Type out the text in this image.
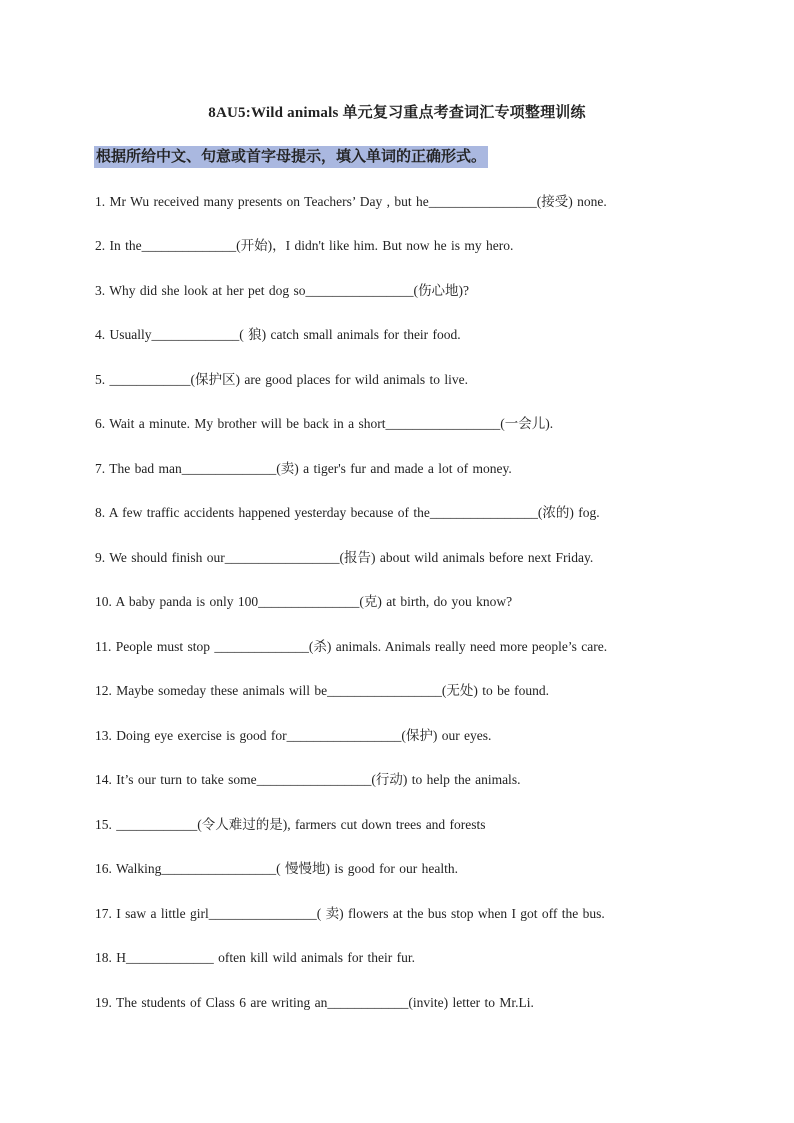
8AU5:Wild animals 单元复习重点考查词汇专项整理训练
根据所给中文、句意或首字母提示，填入单词的正确形式。
1. Mr Wu received many presents on Teachers’ Day , but he________________(接受) none.
2. In the______________(开始)，I didn't like him. But now he is my hero.
3. Why did she look at her pet dog so________________(伤心地)?
4. Usually_____________( 狼) catch small animals for their food.
5. ____________(保护区) are good places for wild animals to live.
6. Wait a minute. My brother will be back in a short_________________(一会儿).
7. The bad man______________(卖) a tiger's fur and made a lot of money.
8. A few traffic accidents happened yesterday because of the________________(浓的) fog.
9. We should finish our_________________(报告) about wild animals before next Friday.
10. A baby panda is only 100_______________(克) at birth, do you know?
11. People must stop ______________(杀) animals. Animals really need more people’s care.
12. Maybe someday these animals will be_________________(无处) to be found.
13. Doing eye exercise is good for_________________(保护) our eyes.
14. It’s our turn to take some_________________(行动) to help the animals.
15. ____________(令人难过的是), farmers cut down trees and forests
16. Walking_________________( 慢慢地) is good for our health.
17. I saw a little girl________________( 卖) flowers at the bus stop when I got off the bus.
18. H_____________ often kill wild animals for their fur.
19. The students of Class 6 are writing an____________(invite) letter to Mr.Li.
